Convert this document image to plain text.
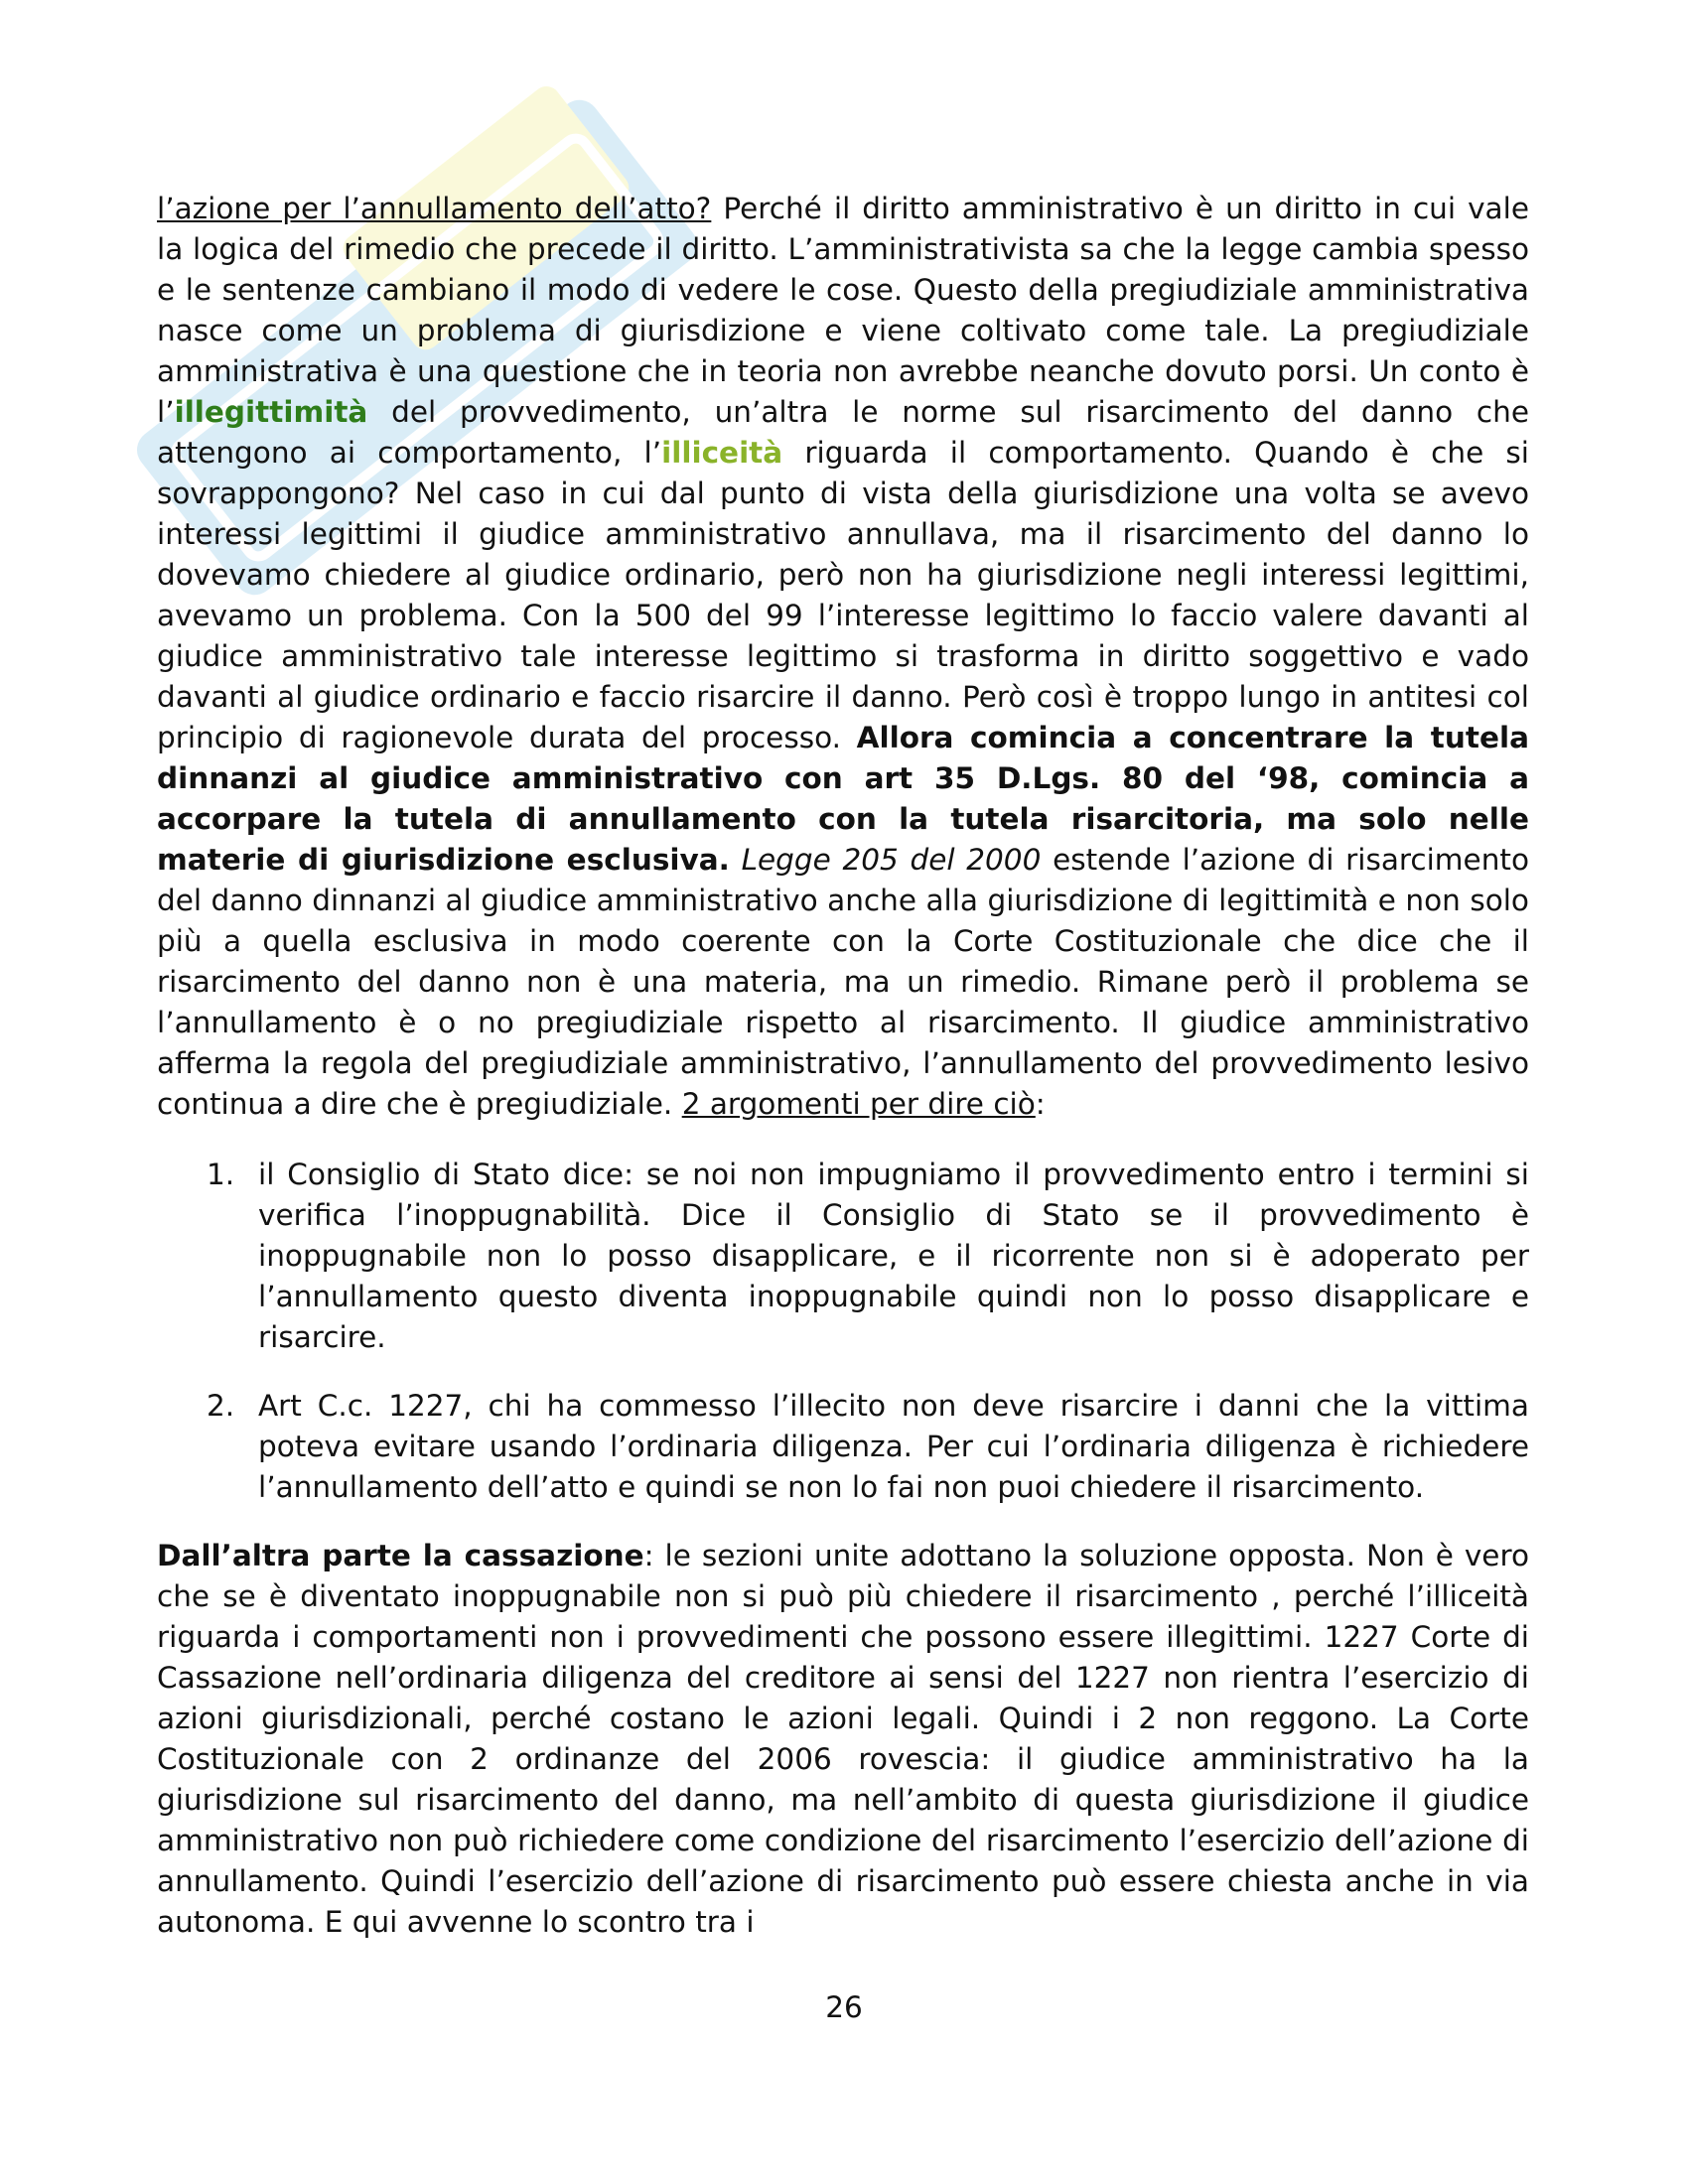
l’azione per l’annullamento dell’atto? Perché il diritto amministrativo è un diritto in cui vale la logica del rimedio che precede il diritto. L’amministrativista sa che la legge cambia spesso e le sentenze cambiano il modo di vedere le cose. Questo della pregiudiziale amministrativa nasce come un problema di giurisdizione e viene coltivato come tale. La pregiudiziale amministrativa è una questione che in teoria non avrebbe neanche dovuto porsi. Un conto è l’illegittimità del provvedimento, un’altra le norme sul risarcimento del danno che attengono ai comportamento, l’illiceità riguarda il comportamento. Quando è che si sovrappongono? Nel caso in cui dal punto di vista della giurisdizione una volta se avevo interessi legittimi il giudice amministrativo annullava, ma il risarcimento del danno lo dovevamo chiedere al giudice ordinario, però non ha giurisdizione negli interessi legittimi, avevamo un problema. Con la 500 del 99 l’interesse legittimo lo faccio valere davanti al giudice amministrativo tale interesse legittimo si trasforma in diritto soggettivo e vado davanti al giudice ordinario e faccio risarcire il danno. Però così è troppo lungo in antitesi col principio di ragionevole durata del processo. Allora comincia a concentrare la tutela dinnanzi al giudice amministrativo con art 35 D.Lgs. 80 del ‘98, comincia a accorpare la tutela di annullamento con la tutela risarcitoria, ma solo nelle materie di giurisdizione esclusiva. Legge 205 del 2000 estende l’azione di risarcimento del danno dinnanzi al giudice amministrativo anche alla giurisdizione di legittimità e non solo più a quella esclusiva in modo coerente con la Corte Costituzionale che dice che il risarcimento del danno non è una materia, ma un rimedio. Rimane però il problema se l’annullamento è o no pregiudiziale rispetto al risarcimento. Il giudice amministrativo afferma la regola del pregiudiziale amministrativo, l’annullamento del provvedimento lesivo continua a dire che è pregiudiziale. 2 argomenti per dire ciò:

1. il Consiglio di Stato dice: se noi non impugniamo il provvedimento entro i termini si verifica l’inoppugnabilità. Dice il Consiglio di Stato se il provvedimento è inoppugnabile non lo posso disapplicare, e il ricorrente non si è adoperato per l’annullamento questo diventa inoppugnabile quindi non lo posso disapplicare e risarcire.
2. Art C.c. 1227, chi ha commesso l’illecito non deve risarcire i danni che la vittima poteva evitare usando l’ordinaria diligenza. Per cui l’ordinaria diligenza è richiedere l’annullamento dell’atto e quindi se non lo fai non puoi chiedere il risarcimento.

Dall’altra parte la cassazione: le sezioni unite adottano la soluzione opposta. Non è vero che se è diventato inoppugnabile non si può più chiedere il risarcimento , perché l’illiceità riguarda i comportamenti non i provvedimenti che possono essere illegittimi. 1227 Corte di Cassazione nell’ordinaria diligenza del creditore ai sensi del 1227 non rientra l’esercizio di azioni giurisdizionali, perché costano le azioni legali. Quindi i 2 non reggono. La Corte Costituzionale con 2 ordinanze del 2006 rovescia: il giudice amministrativo ha la giurisdizione sul risarcimento del danno, ma nell’ambito di questa giurisdizione il giudice amministrativo non può richiedere come condizione del risarcimento l’esercizio dell’azione di annullamento. Quindi l’esercizio dell’azione di risarcimento può essere chiesta anche in via autonoma. E qui avvenne lo scontro tra i

26
